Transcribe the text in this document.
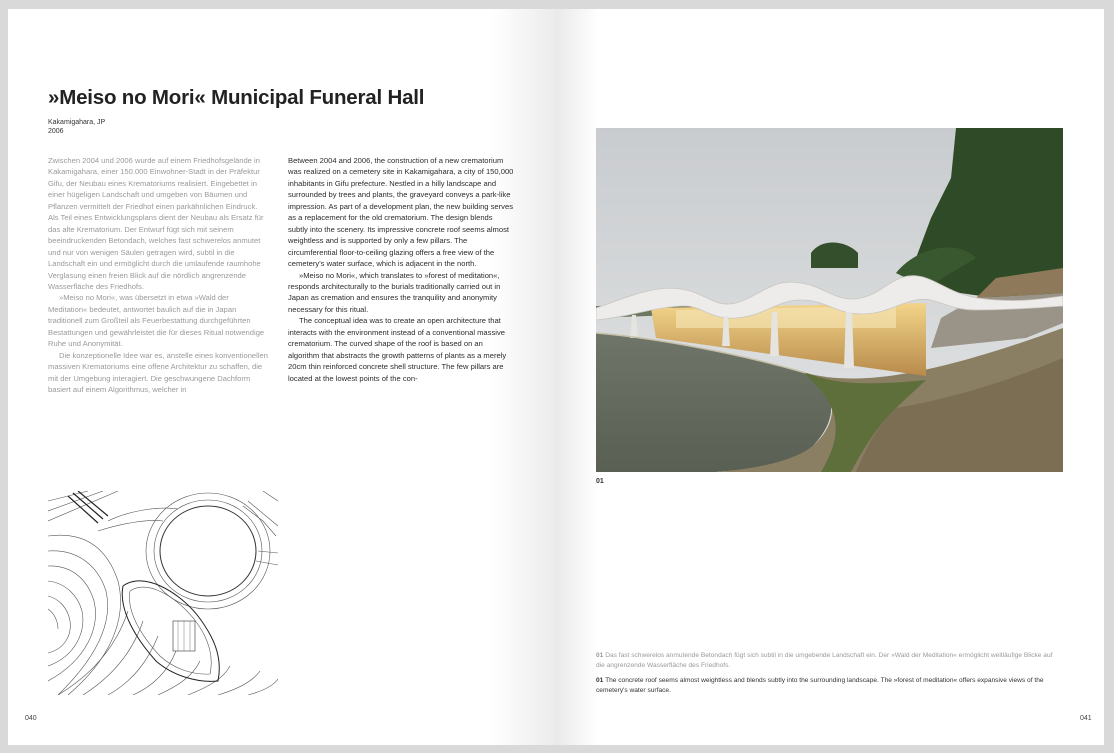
»Meiso no Mori« Municipal Funeral Hall
Kakamigahara, JP
2006

Zwischen 2004 und 2006 wurde auf einem Friedhofsgelände in Kakamigahara, einer 150.000 Einwohner-Stadt in der Präfektur Gifu, der Neubau eines Krematoriums realisiert. Eingebettet in einer hügeligen Landschaft und umgeben von Bäumen und Pflanzen vermittelt der Friedhof einen parkähnlichen Eindruck. Als Teil eines Entwicklungsplans dient der Neubau als Ersatz für das alte Krematorium. Der Entwurf fügt sich mit seinem beeindruckenden Betondach, welches fast schwerelos anmutet und nur von wenigen Säulen getragen wird, subtil in die Landschaft ein und ermöglicht durch die umlaufende raumhohe Verglasung einen freien Blick auf die nördlich angrenzende Wasserfläche des Friedhofs.

»Meiso no Mori«, was übersetzt in etwa »Wald der Meditation« bedeutet, antwortet baulich auf die in Japan traditionell zum Großteil als Feuerbestattung durchgeführten Bestattungen und gewährleistet die für dieses Ritual notwendige Ruhe und Anonymität.

Die konzeptionelle Idee war es, anstelle eines konventionellen massiven Krematoriums eine offene Architektur zu schaffen, die mit der Umgebung interagiert. Die geschwungene Dachform basiert auf einem Algorithmus, welcher in

Between 2004 and 2006, the construction of a new crematorium was realized on a cemetery site in Kakamigahara, a city of 150,000 inhabitants in Gifu prefecture. Nestled in a hilly landscape and surrounded by trees and plants, the graveyard conveys a park-like impression. As part of a development plan, the new building serves as a replacement for the old crematorium. The design blends subtly into the scenery. Its impressive concrete roof seems almost weightless and is supported by only a few pillars. The circumferential floor-to-ceiling glazing offers a free view of the cemetery's water surface, which is adjacent in the north.

»Meiso no Mori«, which translates to »forest of meditation«, responds architecturally to the burials traditionally carried out in Japan as cremation and ensures the tranquility and anonymity necessary for this ritual.

The conceptual idea was to create an open architecture that interacts with the environment instead of a conventional massive crematorium. The curved shape of the roof is based on an algorithm that abstracts the growth patterns of plants as a merely 20cm thin reinforced concrete shell structure. The few pillars are located at the lowest points of the con-

01
01 Das fast schwerelos anmutende Betondach fügt sich subtil in die umgebende Landschaft ein. Der »Wald der Meditation« ermöglicht weitläufige Blicke auf die angrenzende Wasserfläche des Friedhofs.
01 The concrete roof seems almost weightless and blends subtly into the surrounding landscape. The »forest of meditation« offers expansive views of the cemetery's water surface.
040	041
